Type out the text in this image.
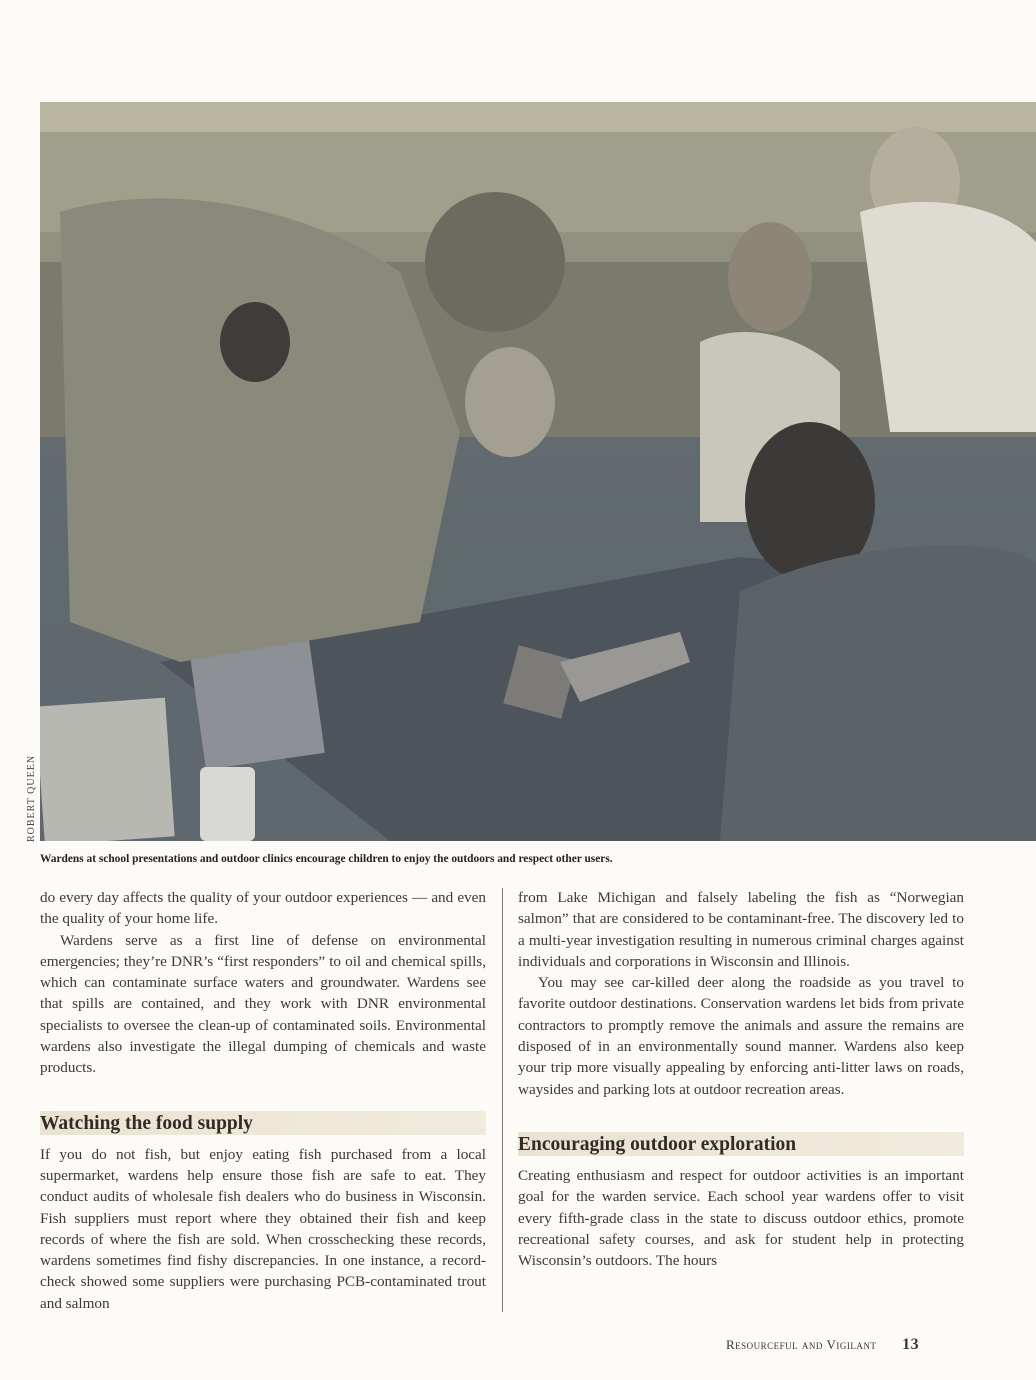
ROBERT QUEEN
Wardens at school presentations and outdoor clinics encourage children to enjoy the outdoors and respect other users.

do every day affects the quality of your outdoor experiences — and even the quality of your home life.

Wardens serve as a first line of defense on environmental emergencies; they’re DNR’s “first responders” to oil and chemical spills, which can contaminate surface waters and groundwater. Wardens see that spills are contained, and they work with DNR environmental specialists to oversee the clean-up of contaminated soils. Environmental wardens also investigate the illegal dumping of chemicals and waste products.

Watching the food supply

If you do not fish, but enjoy eating fish purchased from a local supermarket, wardens help ensure those fish are safe to eat. They conduct audits of wholesale fish dealers who do business in Wisconsin. Fish suppliers must report where they obtained their fish and keep records of where the fish are sold. When crosschecking these records, wardens sometimes find fishy discrepancies. In one instance, a record-check showed some suppliers were purchasing PCB-contaminated trout and salmon

from Lake Michigan and falsely labeling the fish as “Norwegian salmon” that are considered to be contaminant-free. The discovery led to a multi-year investigation resulting in numerous criminal charges against individuals and corporations in Wisconsin and Illinois.

You may see car-killed deer along the roadside as you travel to favorite outdoor destinations. Conservation wardens let bids from private contractors to promptly remove the animals and assure the remains are disposed of in an environmentally sound manner. Wardens also keep your trip more visually appealing by enforcing anti-litter laws on roads, waysides and parking lots at outdoor recreation areas.

Encouraging outdoor exploration

Creating enthusiasm and respect for outdoor activities is an important goal for the warden service. Each school year wardens offer to visit every fifth-grade class in the state to discuss outdoor ethics, promote recreational safety courses, and ask for student help in protecting Wisconsin’s outdoors. The hours

Resourceful and Vigilant 13
